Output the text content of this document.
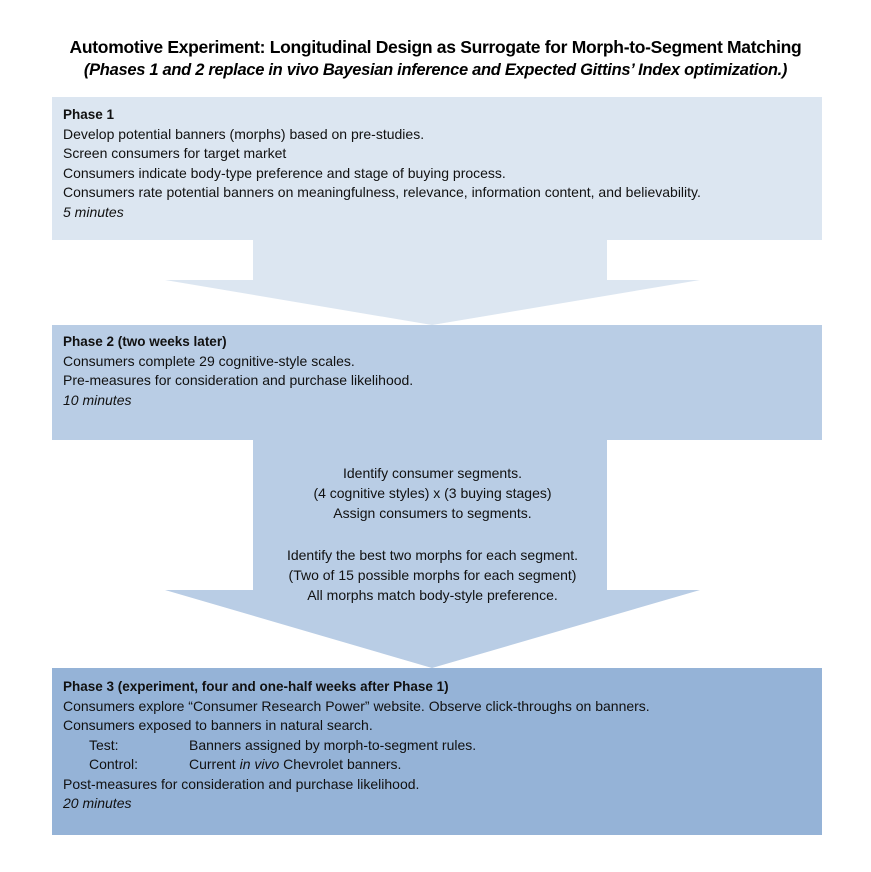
Automotive Experiment: Longitudinal Design as Surrogate for Morph-to-Segment Matching
(Phases 1 and 2 replace in vivo Bayesian inference and Expected Gittins’ Index optimization.)
Phase 1
Develop potential banners (morphs) based on pre-studies.
Screen consumers for target market
Consumers indicate body-type preference and stage of buying process.
Consumers rate potential banners on meaningfulness, relevance, information content, and believability.
5 minutes
Phase 2 (two weeks later)
Consumers complete 29 cognitive-style scales.
Pre-measures for consideration and purchase likelihood.
10 minutes
Identify consumer segments.
(4 cognitive styles) x (3 buying stages)
Assign consumers to segments.
Identify the best two morphs for each segment.
(Two of 15 possible morphs for each segment)
All morphs match body-style preference.
Phase 3 (experiment, four and one-half weeks after Phase 1)
Consumers explore “Consumer Research Power” website. Observe click-throughs on banners.
Consumers exposed to banners in natural search.
Test:	Banners assigned by morph-to-segment rules.
Control:	Current in vivo Chevrolet banners.
Post-measures for consideration and purchase likelihood.
20 minutes
